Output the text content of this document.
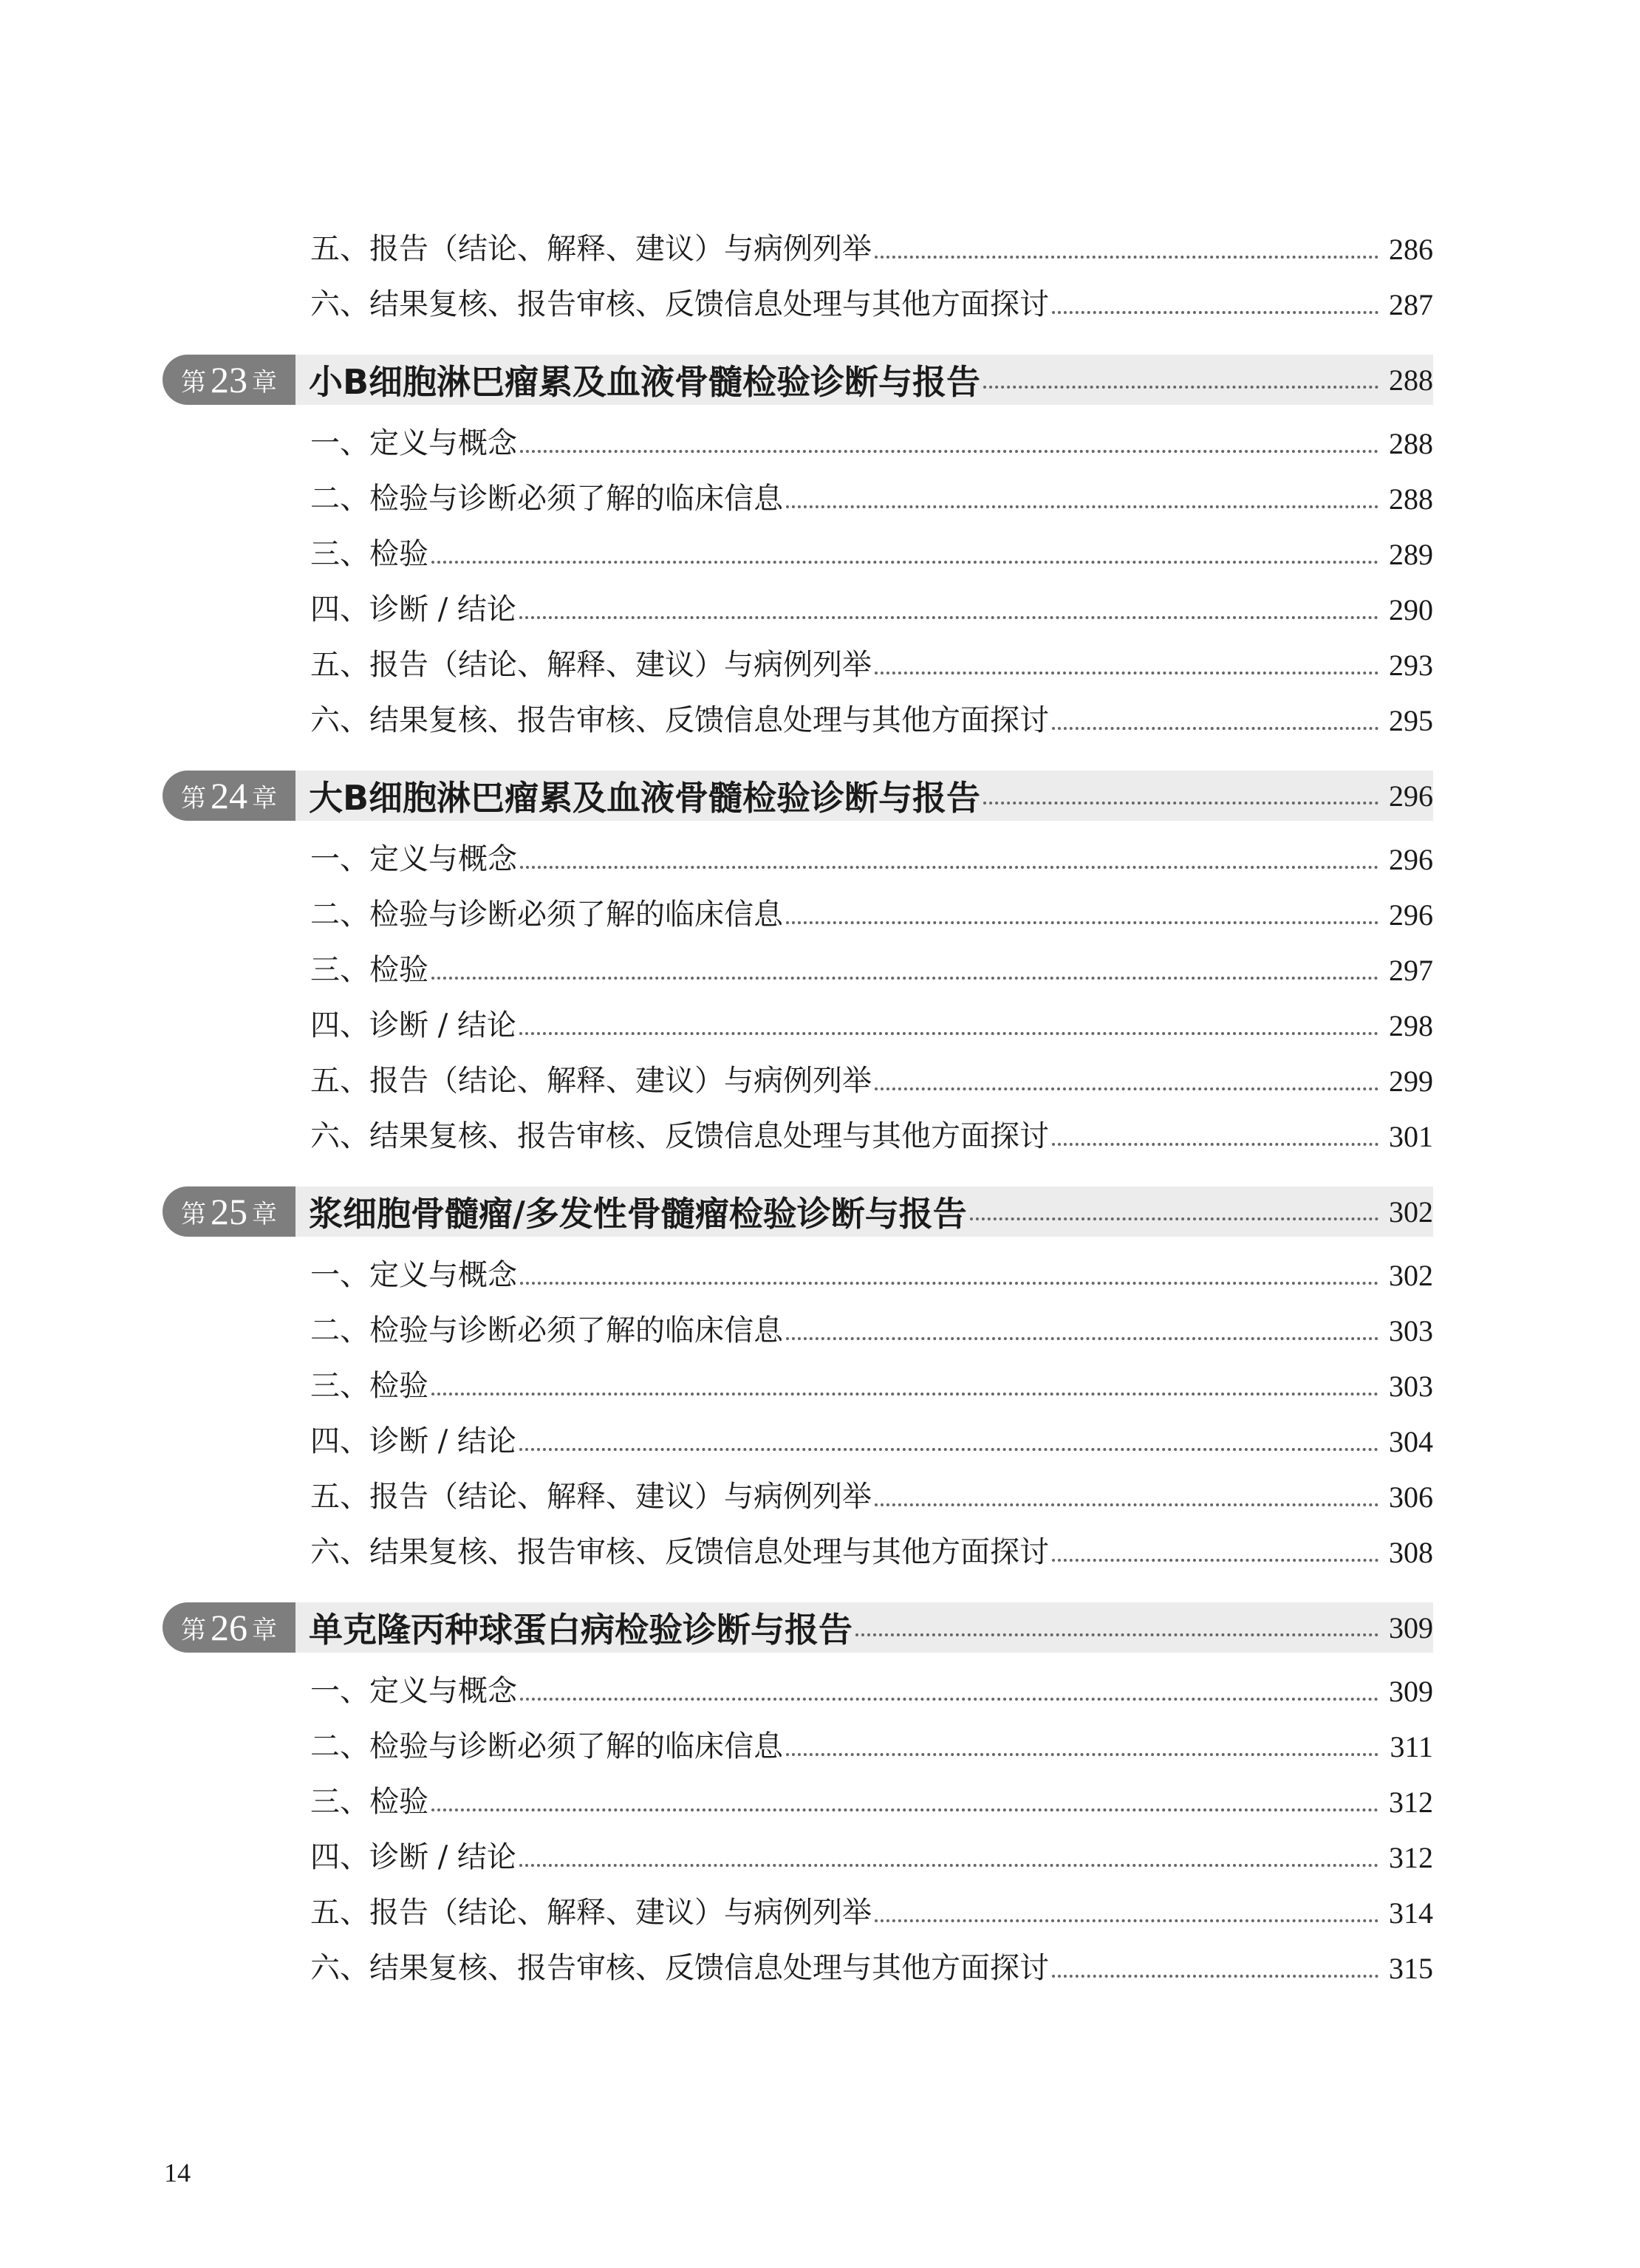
五、报告（结论、解释、建议）与病例列举	286
六、结果复核、报告审核、反馈信息处理与其他方面探讨	287
第 23 章 小B细胞淋巴瘤累及血液骨髓检验诊断与报告	288
一、定义与概念	288
二、检验与诊断必须了解的临床信息	288
三、检验	289
四、诊断 / 结论	290
五、报告（结论、解释、建议）与病例列举	293
六、结果复核、报告审核、反馈信息处理与其他方面探讨	295
第 24 章 大B细胞淋巴瘤累及血液骨髓检验诊断与报告	296
一、定义与概念	296
二、检验与诊断必须了解的临床信息	296
三、检验	297
四、诊断 / 结论	298
五、报告（结论、解释、建议）与病例列举	299
六、结果复核、报告审核、反馈信息处理与其他方面探讨	301
第 25 章 浆细胞骨髓瘤/多发性骨髓瘤检验诊断与报告	302
一、定义与概念	302
二、检验与诊断必须了解的临床信息	303
三、检验	303
四、诊断 / 结论	304
五、报告（结论、解释、建议）与病例列举	306
六、结果复核、报告审核、反馈信息处理与其他方面探讨	308
第 26 章 单克隆丙种球蛋白病检验诊断与报告	309
一、定义与概念	309
二、检验与诊断必须了解的临床信息	311
三、检验	312
四、诊断 / 结论	312
五、报告（结论、解释、建议）与病例列举	314
六、结果复核、报告审核、反馈信息处理与其他方面探讨	315
14
